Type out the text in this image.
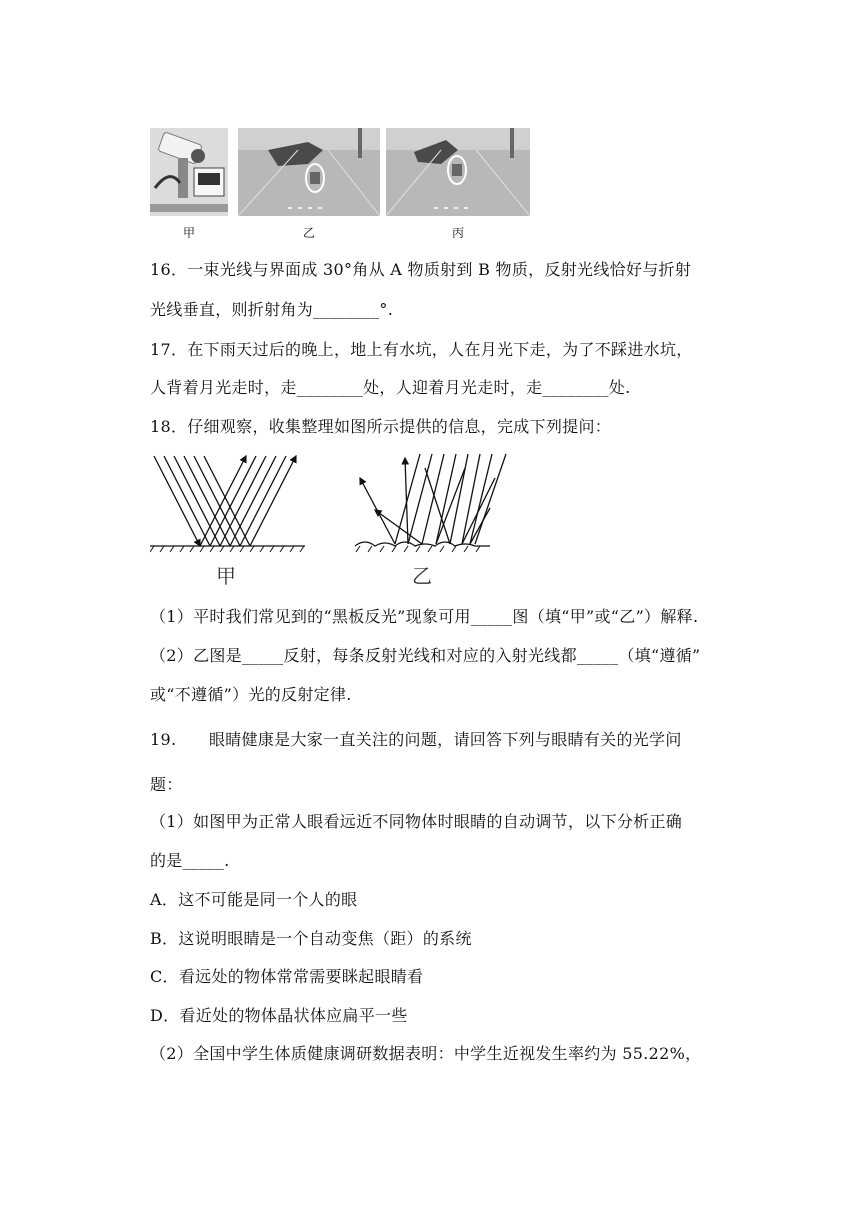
甲	乙	丙
16．一束光线与界面成 30°角从 A 物质射到 B 物质，反射光线恰好与折射
光线垂直，则折射角为________°.
17．在下雨天过后的晚上，地上有水坑，人在月光下走，为了不踩进水坑，
人背着月光走时，走________处，人迎着月光走时，走________处.
18．仔细观察，收集整理如图所示提供的信息，完成下列提问：
甲	乙
（1）平时我们常见到的“黑板反光”现象可用_____图（填“甲”或“乙”）解释.
（2）乙图是_____反射，每条反射光线和对应的入射光线都_____（填“遵循”
或“不遵循”）光的反射定律.
19.　　眼睛健康是大家一直关注的问题，请回答下列与眼睛有关的光学问
题：
（1）如图甲为正常人眼看远近不同物体时眼睛的自动调节，以下分析正确
的是_____.
A．这不可能是同一个人的眼
B．这说明眼睛是一个自动变焦（距）的系统
C．看远处的物体常常需要眯起眼睛看
D．看近处的物体晶状体应扁平一些
（2）全国中学生体质健康调研数据表明：中学生近视发生率约为 55.22%，
